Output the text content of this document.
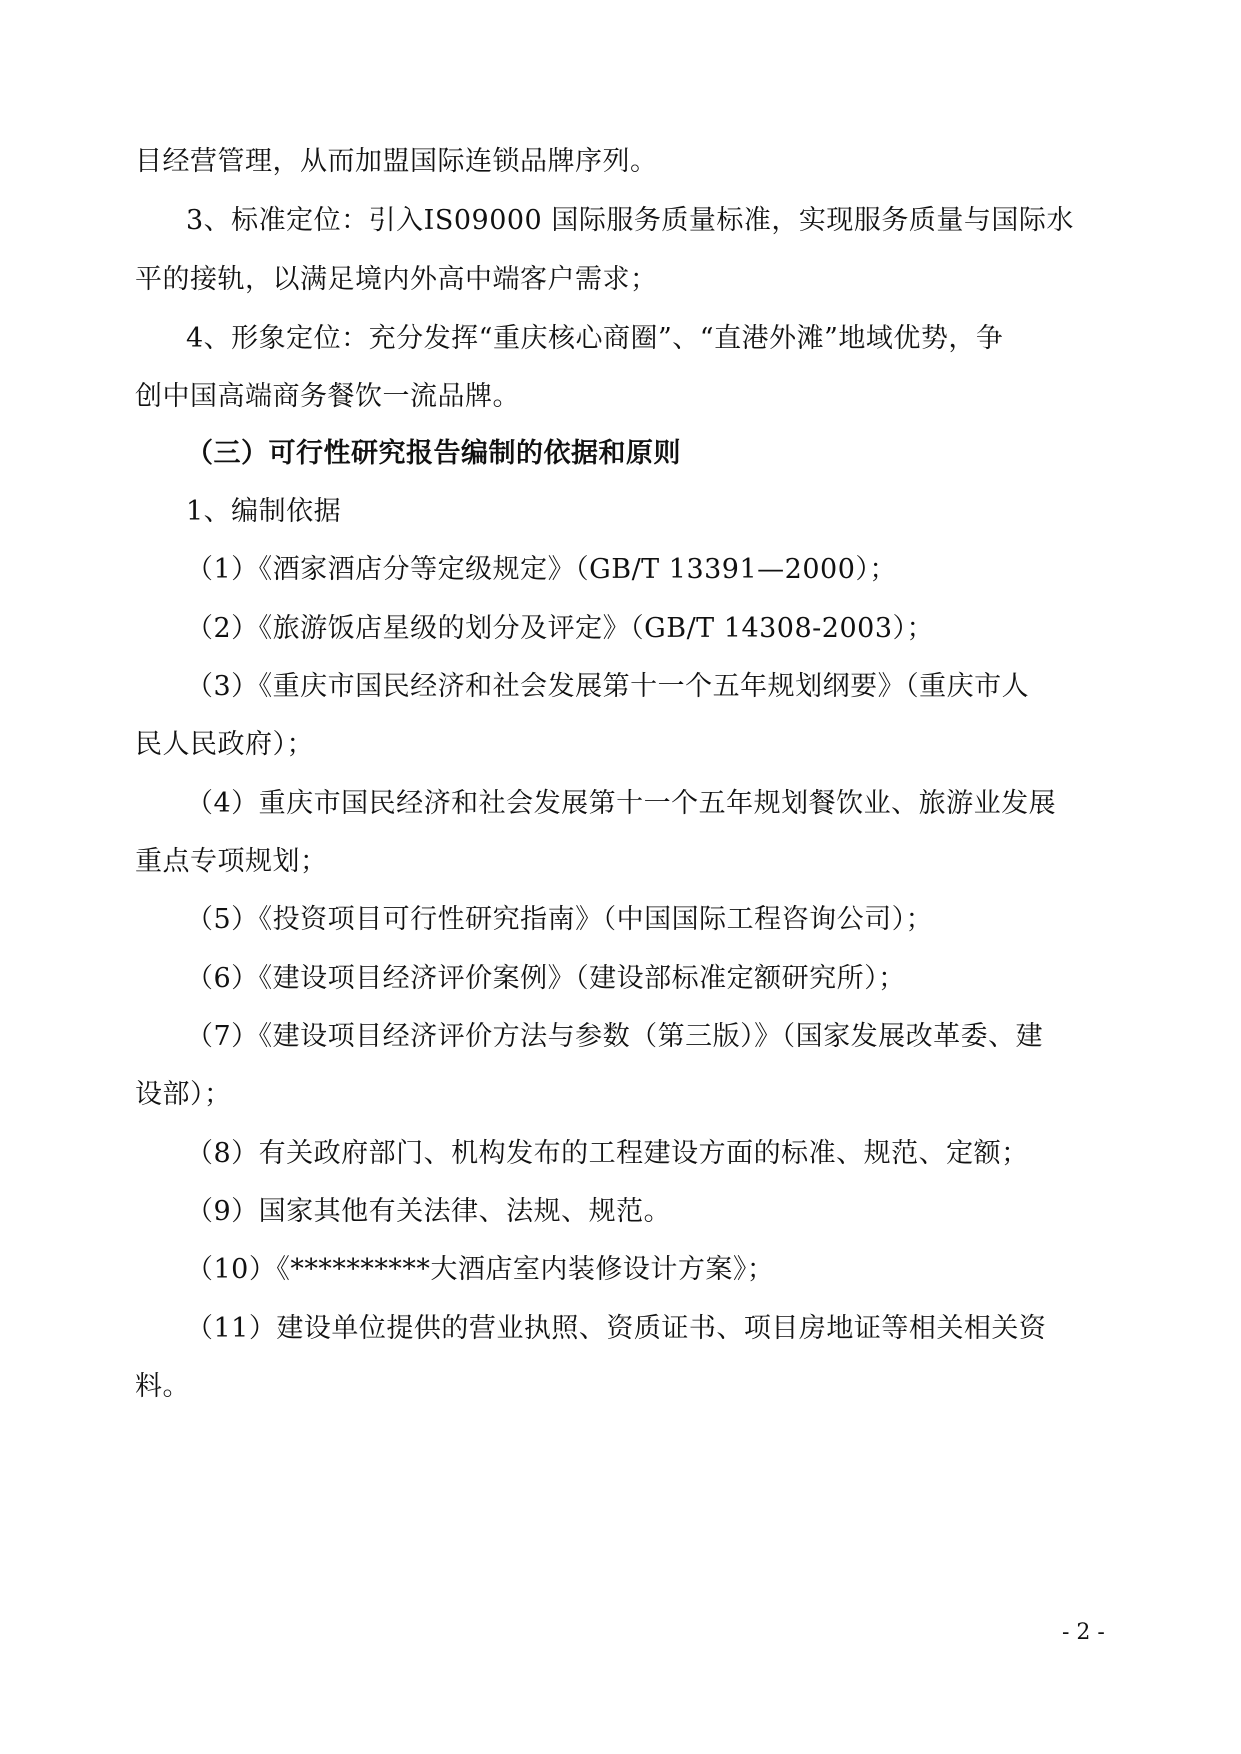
目经营管理，从而加盟国际连锁品牌序列。
3、标准定位：引入IS09000 国际服务质量标准，实现服务质量与国际水
平的接轨，以满足境内外高中端客户需求；
4、形象定位：充分发挥“重庆核心商圈”、“直港外滩”地域优势，争
创中国高端商务餐饮一流品牌。
（三）可行性研究报告编制的依据和原则
1、编制依据
（1）《酒家酒店分等定级规定》（GB/T 13391—2000）；
（2）《旅游饭店星级的划分及评定》（GB/T 14308-2003）；
（3）《重庆市国民经济和社会发展第十一个五年规划纲要》（重庆市人
民人民政府）；
（4）重庆市国民经济和社会发展第十一个五年规划餐饮业、旅游业发展
重点专项规划；
（5）《投资项目可行性研究指南》（中国国际工程咨询公司）；
（6）《建设项目经济评价案例》（建设部标准定额研究所）；
（7）《建设项目经济评价方法与参数（第三版）》（国家发展改革委、建
设部）；
（8）有关政府部门、机构发布的工程建设方面的标准、规范、定额；
（9）国家其他有关法律、法规、规范。
（10）《**********大酒店室内装修设计方案》；
（11）建设单位提供的营业执照、资质证书、项目房地证等相关相关资
料。
- 2 -
